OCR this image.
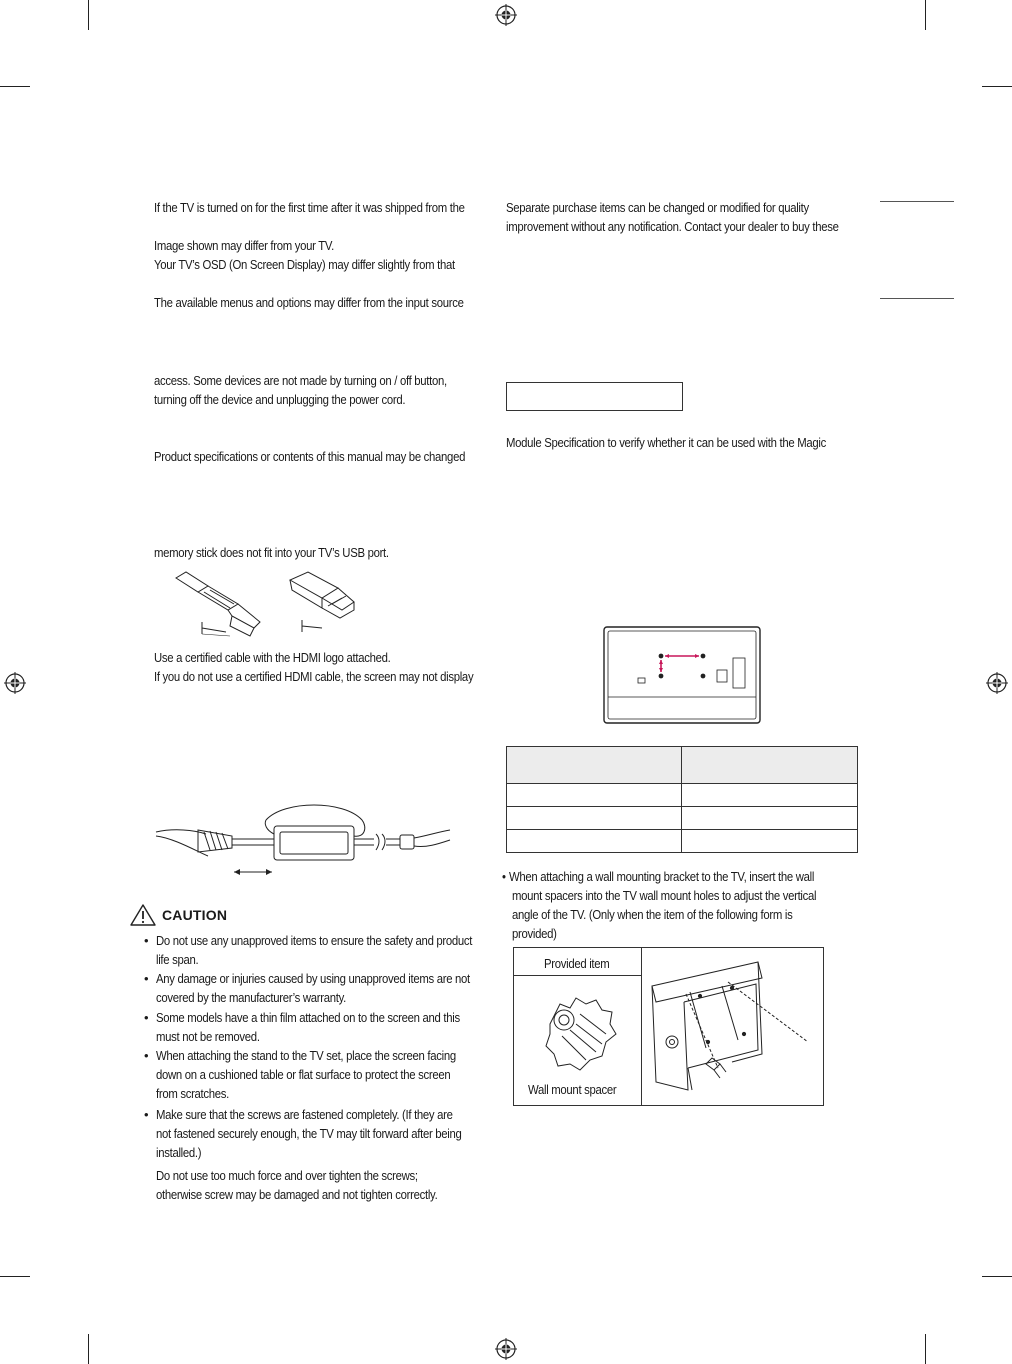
If the TV is turned on for the first time after it was shipped from the
Image shown may differ from your TV.
Your TV’s OSD (On Screen Display) may differ slightly from that
The available menus and options may differ from the input source
access. Some devices are not made by turning on / off button,
turning off the device and unplugging the power cord.
Product specifications or contents of this manual may be changed
memory stick does not fit into your TV’s USB port.
Use a certified cable with the HDMI logo attached.
If you do not use a certified HDMI cable, the screen may not display
CAUTION
• Do not use any unapproved items to ensure the safety and product
life span.
• Any damage or injuries caused by using unapproved items are not
covered by the manufacturer’s warranty.
• Some models have a thin film attached on to the screen and this
must not be removed.
• When attaching the stand to the TV set, place the screen facing
down on a cushioned table or flat surface to protect the screen
from scratches.
• Make sure that the screws are fastened completely. (If they are
not fastened securely enough, the TV may tilt forward after being
installed.)
Do not use too much force and over tighten the screws;
otherwise screw may be damaged and not tighten correctly.
Separate purchase items can be changed or modified for quality
improvement without any notification. Contact your dealer to buy these
Module Specification to verify whether it can be used with the Magic

• When attaching a wall mounting bracket to the TV, insert the wall
mount spacers into the TV wall mount holes to adjust the vertical
angle of the TV. (Only when the item of the following form is
provided)
Provided item
Wall mount spacer
